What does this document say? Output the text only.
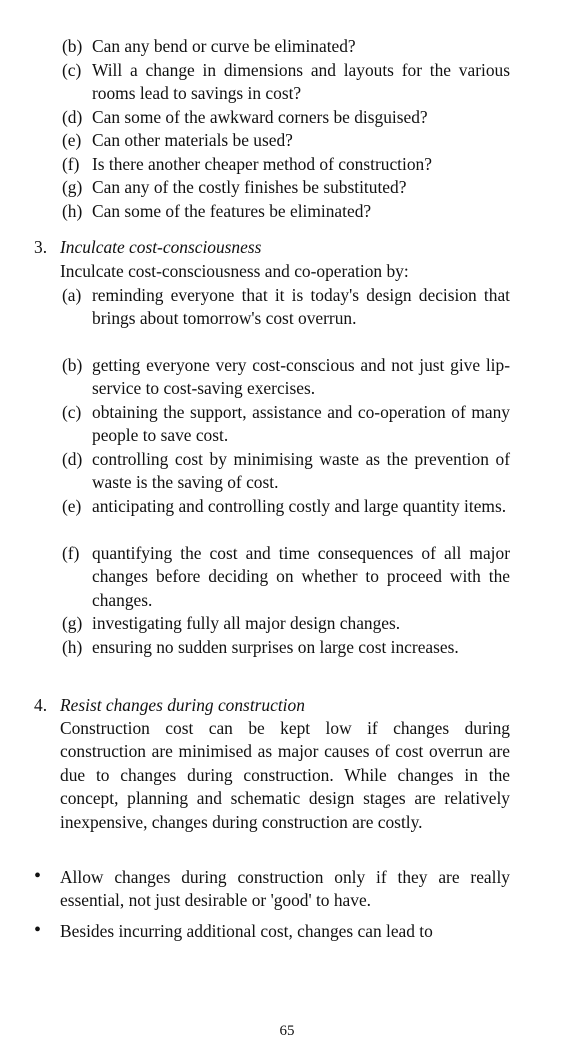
(b) Can any bend or curve be eliminated?
(c) Will a change in dimensions and layouts for the various rooms lead to savings in cost?
(d) Can some of the awkward corners be disguised?
(e) Can other materials be used?
(f) Is there another cheaper method of construction?
(g) Can any of the costly finishes be substituted?
(h) Can some of the features be eliminated?
3. Inculcate cost-consciousness
Inculcate cost-consciousness and co-operation by:
(a) reminding everyone that it is today's design decision that brings about tomorrow's cost overrun.
(b) getting everyone very cost-conscious and not just give lip-service to cost-saving exercises.
(c) obtaining the support, assistance and co-operation of many people to save cost.
(d) controlling cost by minimising waste as the prevention of waste is the saving of cost.
(e) anticipating and controlling costly and large quantity items.
(f) quantifying the cost and time consequences of all major changes before deciding on whether to proceed with the changes.
(g) investigating fully all major design changes.
(h) ensuring no sudden surprises on large cost increases.
4. Resist changes during construction
Construction cost can be kept low if changes during construction are minimised as major causes of cost overrun are due to changes during construction. While changes in the concept, planning and schematic design stages are relatively inexpensive, changes during construction are costly.
• Allow changes during construction only if they are really essential, not just desirable or 'good' to have.
• Besides incurring additional cost, changes can lead to
65
